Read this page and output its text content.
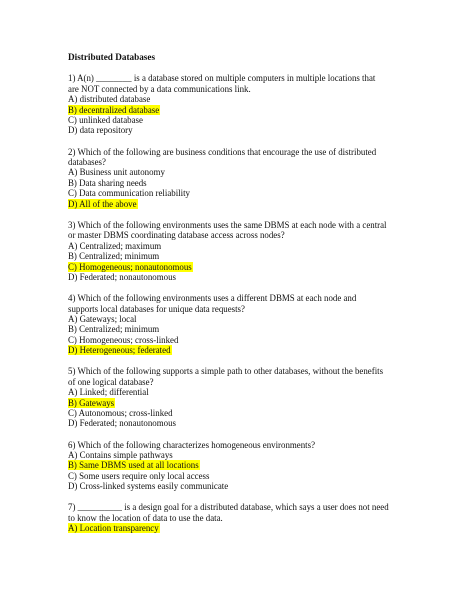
Distributed Databases
1) A(n) ________ is a database stored on multiple computers in multiple locations that
are NOT connected by a data communications link.
A) distributed database
B) decentralized database
C) unlinked database
D) data repository
2) Which of the following are business conditions that encourage the use of distributed
databases?
A) Business unit autonomy
B) Data sharing needs
C) Data communication reliability
D) All of the above
3) Which of the following environments uses the same DBMS at each node with a central
or master DBMS coordinating database access across nodes?
A) Centralized; maximum
B) Centralized; minimum
C) Homogeneous; nonautonomous
D) Federated; nonautonomous
4) Which of the following environments uses a different DBMS at each node and
supports local databases for unique data requests?
A) Gateways; local
B) Centralized; minimum
C) Homogeneous; cross-linked
D) Heterogeneous; federated
5) Which of the following supports a simple path to other databases, without the benefits
of one logical database?
A) Linked; differential
B) Gateways
C) Autonomous; cross-linked
D) Federated; nonautonomous
6) Which of the following characterizes homogeneous environments?
A) Contains simple pathways
B) Same DBMS used at all locations
C) Some users require only local access
D) Cross-linked systems easily communicate
7) __________ is a design goal for a distributed database, which says a user does not need
to know the location of data to use the data.
A) Location transparency
